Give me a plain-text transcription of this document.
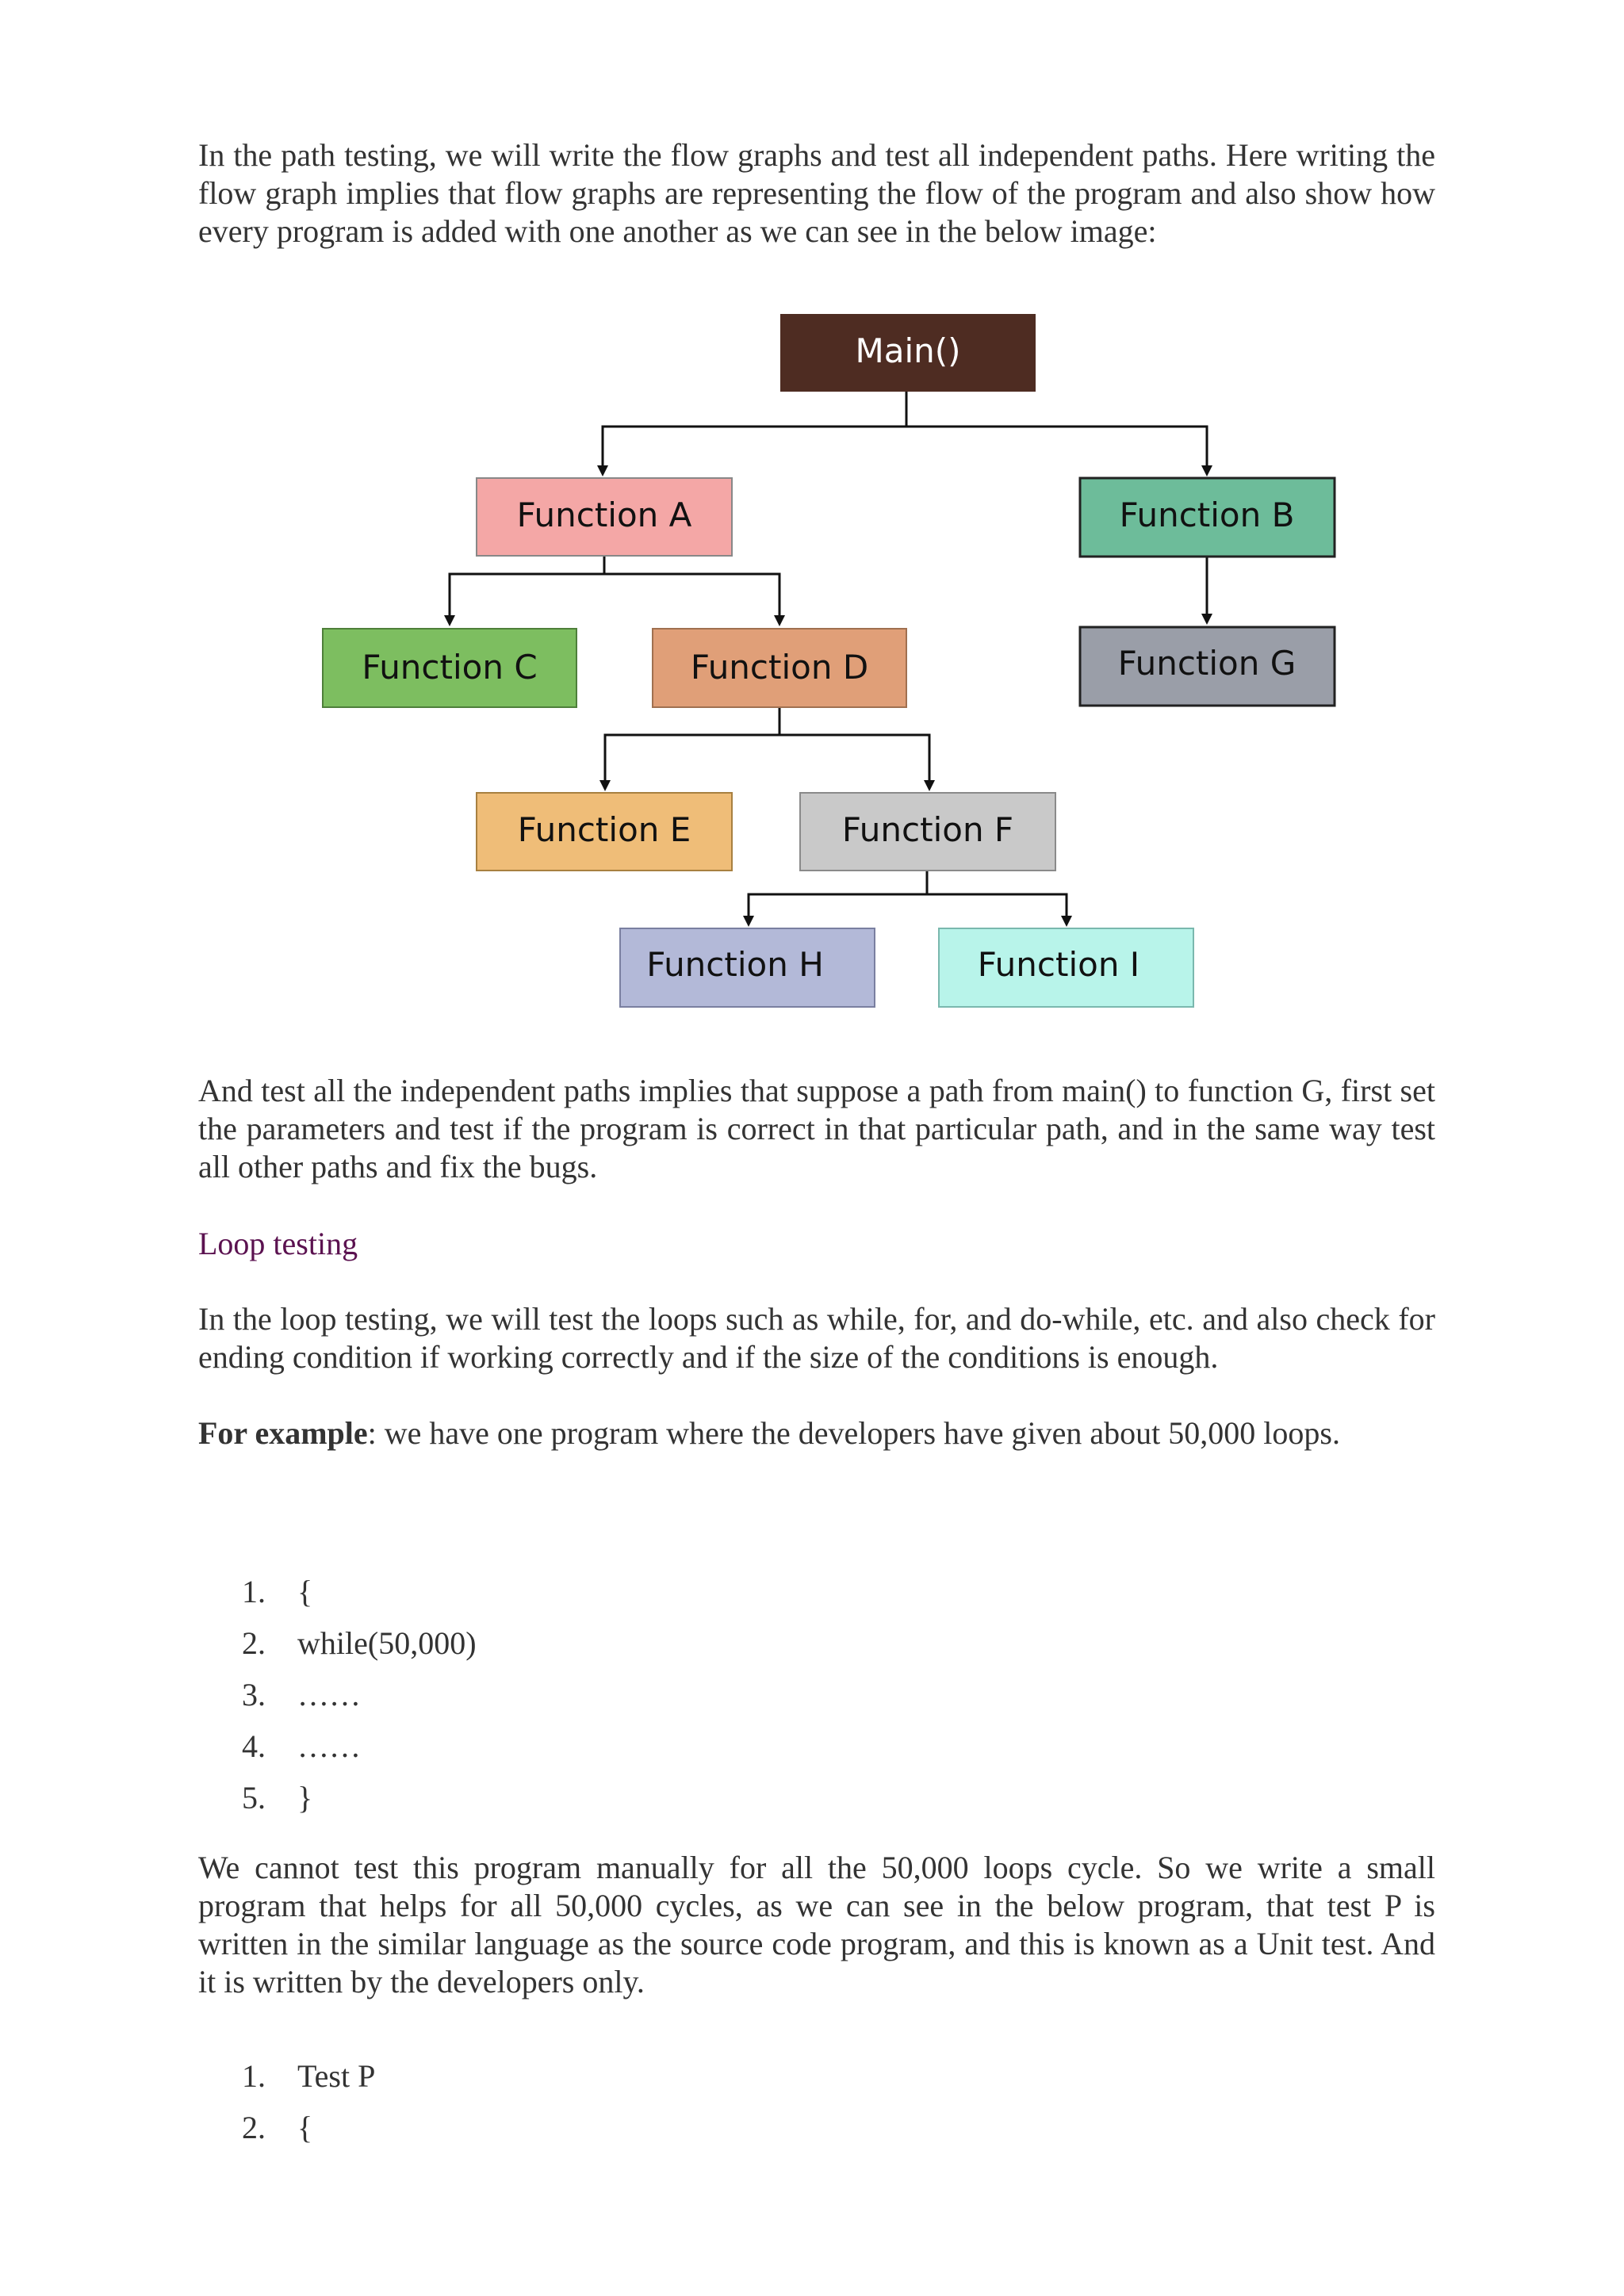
In the path testing, we will write the flow graphs and test all independent paths. Here writing the flow graph implies that flow graphs are representing the flow of the program and also show how every program is added with one another as we can see in the below image:

Main()
Function A	Function B
Function C	Function D	Function G
Function E	Function F
Function H	Function I

And test all the independent paths implies that suppose a path from main() to function G, first set the parameters and test if the program is correct in that particular path, and in the same way test all other paths and fix the bugs.

Loop testing

In the loop testing, we will test the loops such as while, for, and do-while, etc. and also check for ending condition if working correctly and if the size of the conditions is enough.

For example: we have one program where the developers have given about 50,000 loops.

1. {
2. while(50,000)
3. ……
4. ……
5. }

We cannot test this program manually for all the 50,000 loops cycle. So we write a small program that helps for all 50,000 cycles, as we can see in the below program, that test P is written in the similar language as the source code program, and this is known as a Unit test. And it is written by the developers only.

1. Test P
2. {
